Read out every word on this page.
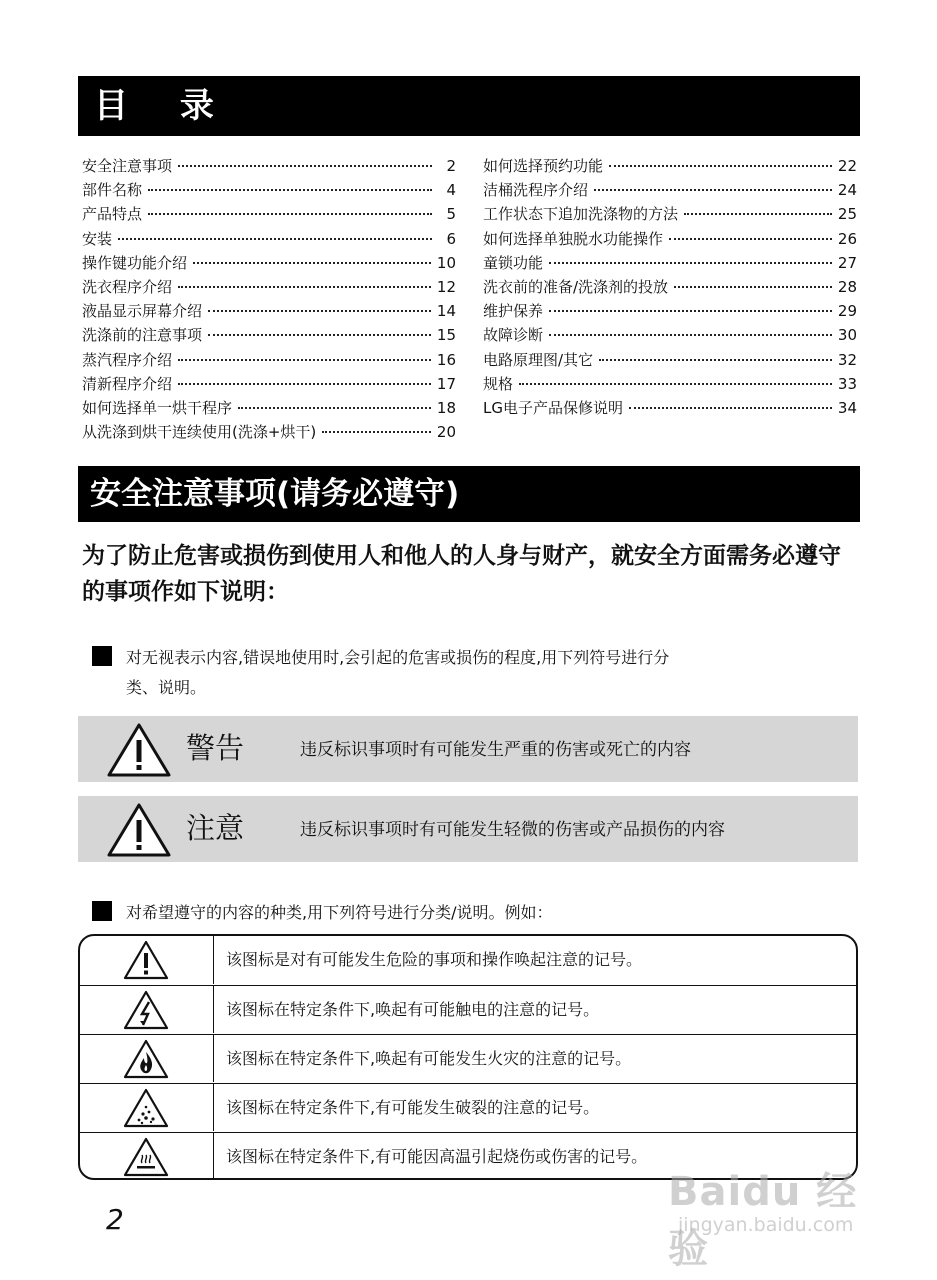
目 录
安全注意事项	2
部件名称	4
产品特点	5
安装	6
操作键功能介绍	10
洗衣程序介绍	12
液晶显示屏幕介绍	14
洗涤前的注意事项	15
蒸汽程序介绍	16
清新程序介绍	17
如何选择单一烘干程序	18
从洗涤到烘干连续使用(洗涤+烘干)	20
如何选择预约功能	22
洁桶洗程序介绍	24
工作状态下追加洗涤物的方法	25
如何选择单独脱水功能操作	26
童锁功能	27
洗衣前的准备/洗涤剂的投放	28
维护保养	29
故障诊断	30
电路原理图/其它	32
规格	33
LG电子产品保修说明	34
安全注意事项(请务必遵守)
为了防止危害或损伤到使用人和他人的人身与财产，就安全方面需务必遵守的事项作如下说明：
对无视表示内容,错误地使用时,会引起的危害或损伤的程度,用下列符号进行分
类、说明。
警告	违反标识事项时有可能发生严重的伤害或死亡的内容
注意	违反标识事项时有可能发生轻微的伤害或产品损伤的内容
对希望遵守的内容的种类,用下列符号进行分类/说明。例如：
该图标是对有可能发生危险的事项和操作唤起注意的记号。
该图标在特定条件下,唤起有可能触电的注意的记号。
该图标在特定条件下,唤起有可能发生火灾的注意的记号。
该图标在特定条件下,有可能发生破裂的注意的记号。
该图标在特定条件下,有可能因高温引起烧伤或伤害的记号。
2
Baidu 经验
jingyan.baidu.com
